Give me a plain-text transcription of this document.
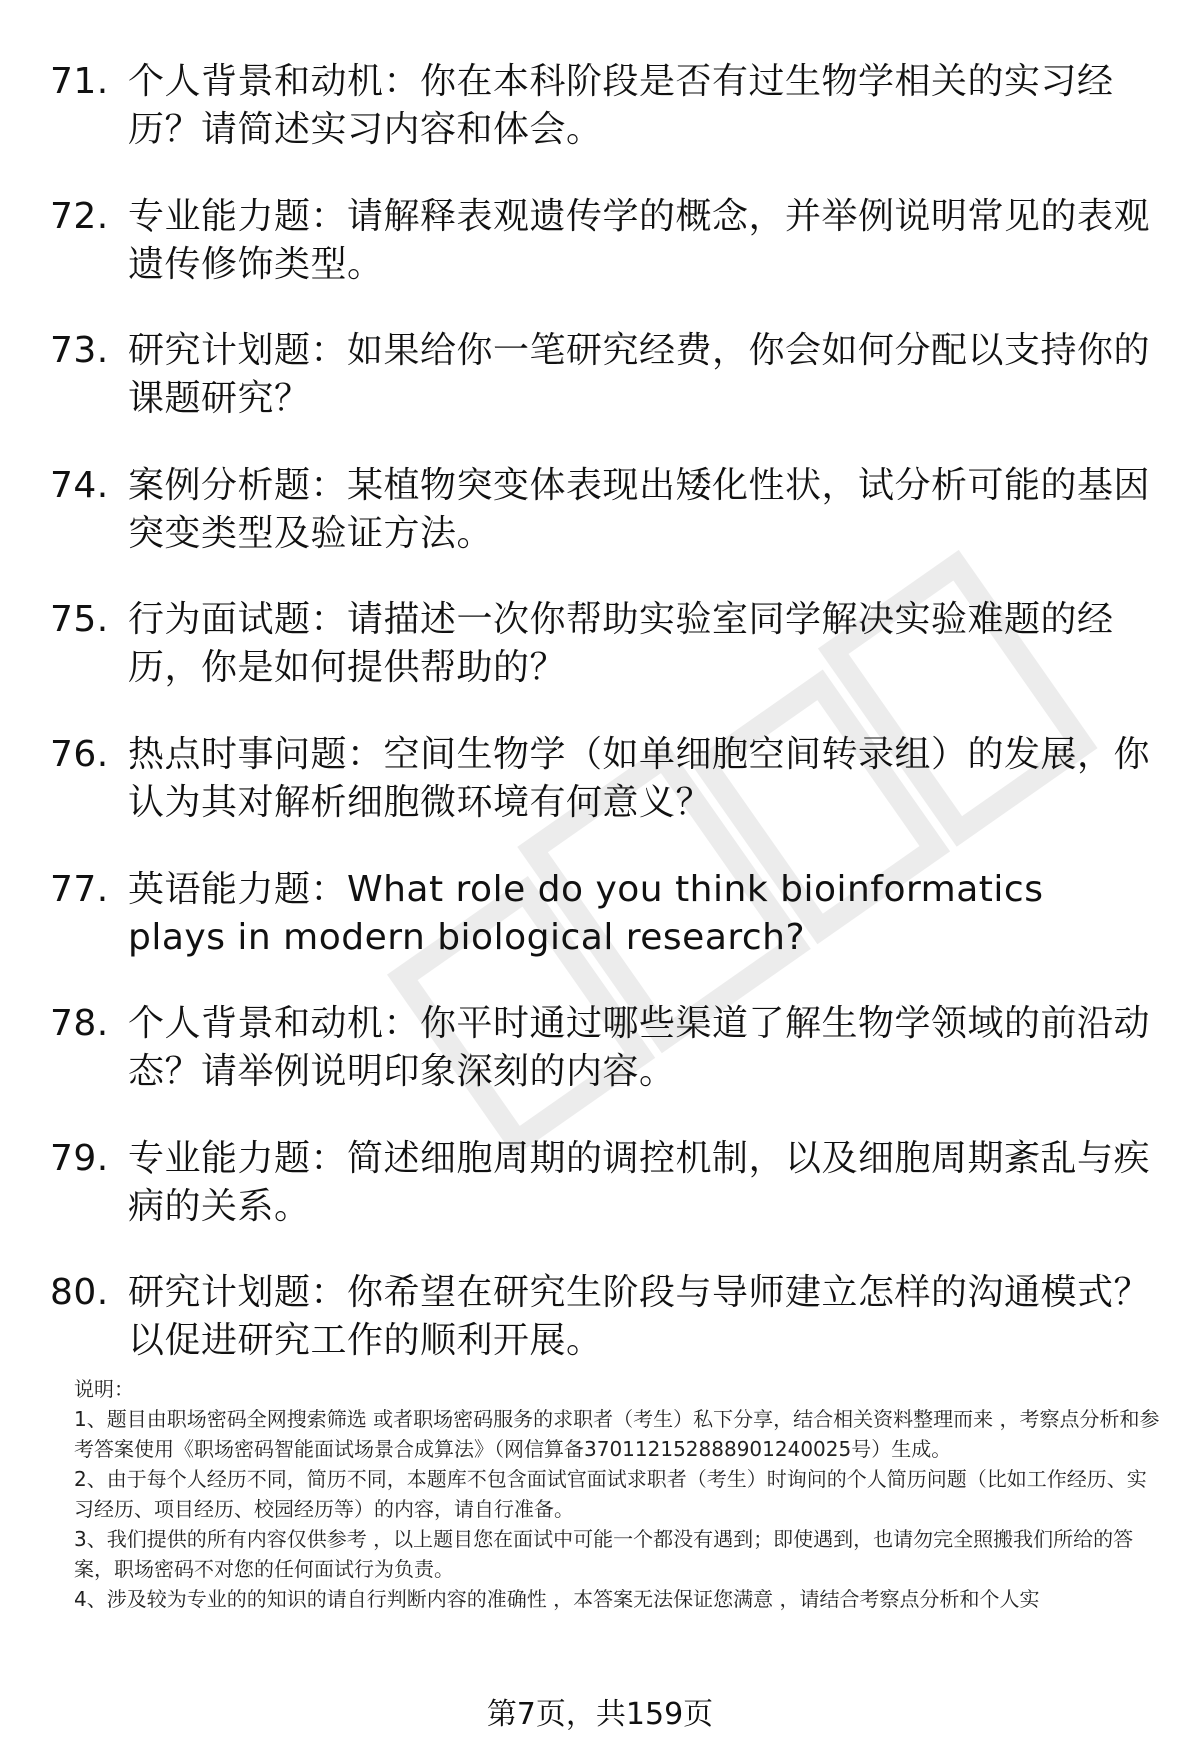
71. 个人背景和动机：你在本科阶段是否有过生物学相关的实习经历？请简述实习内容和体会。
72. 专业能力题：请解释表观遗传学的概念，并举例说明常见的表观遗传修饰类型。
73. 研究计划题：如果给你一笔研究经费，你会如何分配以支持你的课题研究？
74. 案例分析题：某植物突变体表现出矮化性状，试分析可能的基因突变类型及验证方法。
75. 行为面试题：请描述一次你帮助实验室同学解决实验难题的经历，你是如何提供帮助的？
76. 热点时事问题：空间生物学（如单细胞空间转录组）的发展，你认为其对解析细胞微环境有何意义？
77. 英语能力题：What role do you think bioinformatics plays in modern biological research?
78. 个人背景和动机：你平时通过哪些渠道了解生物学领域的前沿动态？请举例说明印象深刻的内容。
79. 专业能力题：简述细胞周期的调控机制，以及细胞周期紊乱与疾病的关系。
80. 研究计划题：你希望在研究生阶段与导师建立怎样的沟通模式？以促进研究工作的顺利开展。

说明：

1、题目由职场密码全网搜索筛选 或者职场密码服务的求职者（考生）私下分享，结合相关资料整理而来 ，考察点分析和参考答案使用《职场密码智能面试场景合成算法》（网信算备370112152888901240025号）生成。

2、由于每个人经历不同，简历不同，本题库不包含面试官面试求职者（考生）时询问的个人简历问题（比如工作经历、实习经历、项目经历、校园经历等）的内容，请自行准备。

3、我们提供的所有内容仅供参考 ，以上题目您在面试中可能一个都没有遇到；即使遇到，也请勿完全照搬我们所给的答案，职场密码不对您的任何面试行为负责。

4、涉及较为专业的的知识的请自行判断内容的准确性 ，本答案无法保证您满意 ，请结合考察点分析和个人实

第7页，共159页
